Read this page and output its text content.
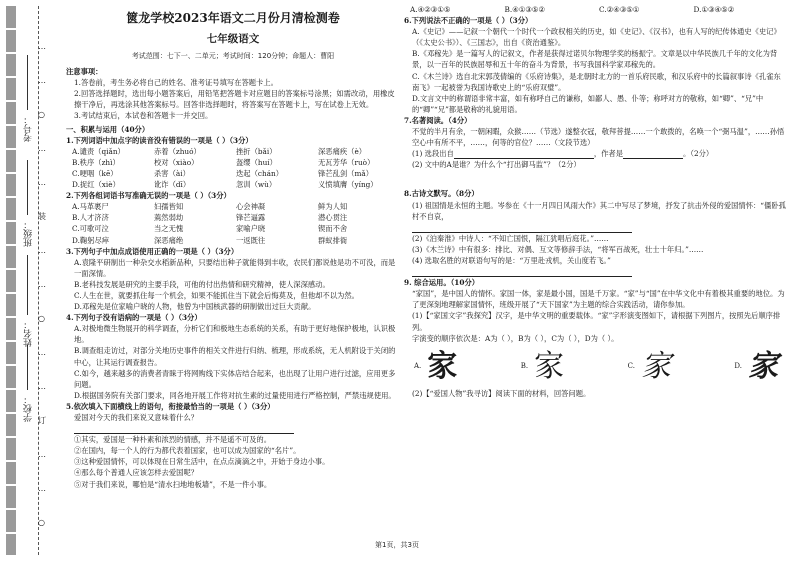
学校：
姓名：
班级：
考号：
…
…
○
…
…
装
…
…
○
…
…
订
…
…
○

篋龙学校2023年语文二月份月清检测卷

七年级语文

考试范围：七下一、二单元；考试时间：120分钟；命题人：曹阳

注意事项：

1.答卷前，考生务必将自己的姓名、准考证号填写在答题卡上。

2.回答选择题时，选出每小题答案后，用铅笔把答题卡对应题目的答案标号涂黑；如需改动，用橡皮擦干净后，再选涂其他答案标号。回答非选择题时，将答案写在答题卡上，写在试卷上无效。

3.考试结束后，本试卷和答题卡一并交回。

一、积累与运用（40分）

1.下列词语中加点字的读音没有错误的一项是（ ）（3分）

A.谴责（qiǎn）	赤着（zhuó）	挫折（bǎi）	深恶痛疾（è）
B.秩序（zhì）	校对（xiào）	盔缨（huí）	无瓦芳华（ruò）
C.哽咽（kē）	杀害（ài）	迭起（chán）	锋芒乱剑（mǎ）
D.捉红（xiè）	讹诈（dī）	忽训（wù）	义愤填膺（yíng）

2.下列各组词语书写准确无误的一项是（ ）（3分）

A.马革裹尸	妇孺皆知	心会神凝	鲜为人知
B.人才济济	蔫然弱劫	锋芒逼露	潜心贯注
C.可歌可泣	当之无愧	家喻户晓	锲而不舍
D.鞠躬尽瘁	深恶痛绝	一返既往	群蚁排衙

3.下列句子中加点成语使用正确的一项是（ ）（3分）

A.袁隆平研制出一种杂交水稻新品种，只要结出种子就能得到丰收，农民们都说他是功不可没，而是一面深情。

B.老科技发展是研究的主要手段，可他的付出热情和研究精神，使人深深感动。

C.人生在世，就要抓住每一个机会，如果不能抓住当下就会后悔莫及，但他却不以为然。

D.邓稼先是位家喻户晓的人物，他曾为中国核武器的研制做出过巨大贡献。

4.下列句子没有语病的一项是（ ）（3分）

A.对极地微生物展开的科学调查，分析它们和极地生态系统的关系，有助于更好地保护极地，认识极地。

B.调查组走访过，对部分关地历史事件的相关文件进行归纳、梳理，形成系统，无人机附设于关闭的中心，让其运行调查报告。

C.如今，越来越多的消费者青睐于将网购线下实体店结合起来，也出现了让用户进行过滤，应用更多问题。

D.根据国务院有关部门要求，同各地开展工作将对抗生素的过量使用进行严格控制，严禁违规使用。

5.依次填入下面横线上的语句，衔接最恰当的一项是（ ）（3分）

爱国对今天的我们来说又意味着什么？

①其实，爱国是一种朴素和浓烈的情感，并不是遥不可及的。

②在国内，每一个人的行为都代表着国家，也可以成为国家的“名片”。

③这种爱国情怀，可以体现在日常生活中，在点点滴滴之中，开始于身边小事。

④那么每个普通人应该怎样去爱国呢？

⑤对于我们来说，哪怕是“清水扫地地板墙”，不是一件小事。

A.④②③①⑤	B.④①③⑤②	C.②④③⑤①	D.①③④⑤②

6.下列说法不正确的一项是（ ）（3分）

A.《史记》——记叙一个朝代一个时代一个政权相关的历史，如《史记》、《汉书》，也有人写的纪传体通史《史记》（《太史公书》）、《三国志》，出自《资治通鉴》。

B.《邓稼先》是一篇写人的记叙文，作者是获得过诺贝尔物理学奖的杨振宁。文章是以中华民族几千年的文化为背景，以一百年的民族屈辱和五十年的奋斗为背景，书写我国科学家邓稼先的。

C.《木兰诗》选自北宋郭茂倩编的《乐府诗集》，是北朝时北方的一首乐府民歌，和汉乐府中的长篇叙事诗《孔雀东南飞》一起被誉为我国诗歌史上的“乐府双璧”。

D.文言文中的称谓语非常丰富，如有称呼自己的谦称，如鄙人、愚、仆等；称呼对方的敬称，如“卿”、“兄”中的“卿”“兄”都是敬称的礼貌用语。

7.名著阅读。（4分）

不觉的半月有余，一朝闲暇，众猴……（节选）遂整衣冠，敬拜菩提……一个敢拨的，名唤一个“弼马温”，……孙悟空心中有所不平，……，何等的官位？……（文段节选）

(1) 选段出自	，作者是	。（2分）

(2) 文中的A是谁？为什么个“打出御马监”？（2分）

8.古诗文默写。（8分）

(1) 祖国情是永恒的主题。岑参在《十一月四日风雨大作》其二中写尽了梦境，抒发了抗击外侵的爱国情怀：“僵卧孤村不自哀，

(2)《泊秦淮》中诗人：“不知亡国恨，隔江犹唱后庭花。”……

(3)《木兰诗》中有很多：排比、对偶、互文等修辞手法，“将军百战死，壮士十年归。”……

(4) 选取名胜的对联语句写的是：“万里赴戎机，关山度若飞。”

9. 综合运用。（10分）

“家国”，是中国人的情怀。家国一体，家是最小国，国是千万家。“家”与“国”在中华文化中有着极其重要的地位。为了更深刻地理解家国情怀，班级开展了“天下国家”为主题的综合实践活动，请你参加。

(1)【“家国文字”我探究】汉字，是中华文明的重要载体。“家”字形演变图如下，请根据下列图片，按照先后顺序排列。

字演变的顺序依次是：A为（ ），B为（ ），C为（ ），D为（ ）。

A. 家	B. 家	C. 家	D. 家

(2)【“爱国人物”我寻访】阅读下面的材料，回答问题。

第1页，共3页
